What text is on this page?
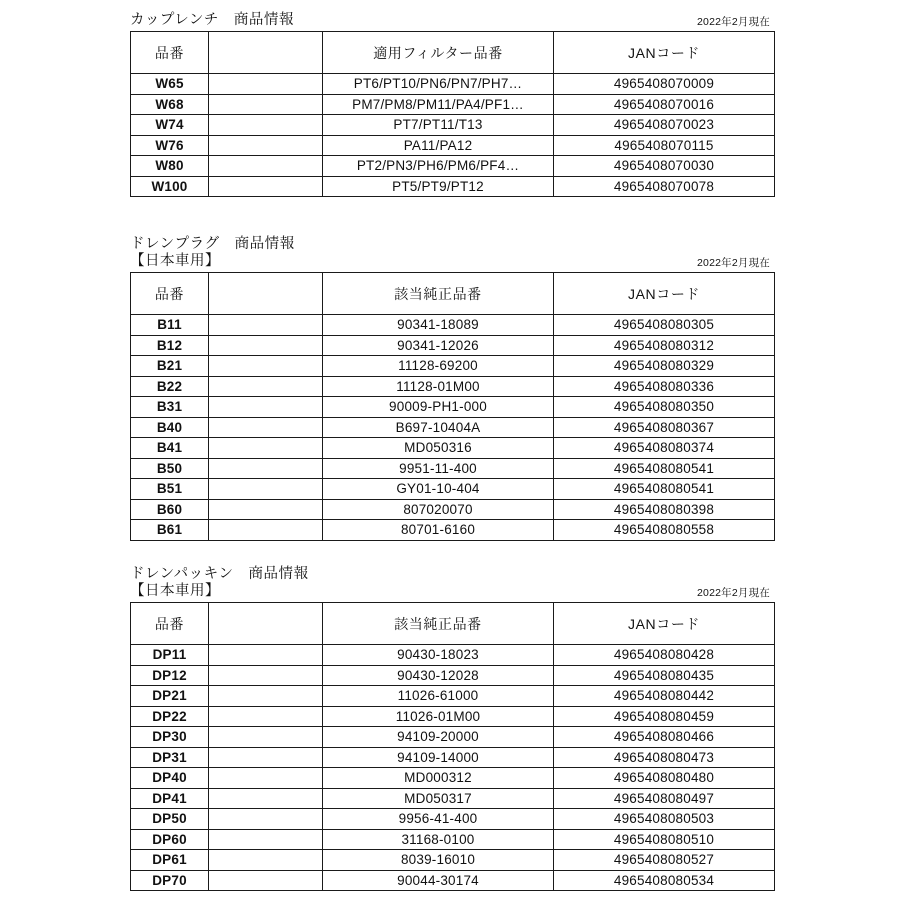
カップレンチ　商品情報	2022年2月現在
品番		適用フィルター品番	JANコード
W65		PT6/PT10/PN6/PN7/PH7…	4965408070009
W68		PM7/PM8/PM11/PA4/PF1…	4965408070016
W74		PT7/PT11/T13	4965408070023
W76		PA11/PA12	4965408070115
W80		PT2/PN3/PH6/PM6/PF4…	4965408070030
W100		PT5/PT9/PT12	4965408070078
ドレンプラグ　商品情報
【日本車用】	2022年2月現在
品番		該当純正品番	JANコード
B11		90341-18089	4965408080305
B12		90341-12026	4965408080312
B21		11128-69200	4965408080329
B22		11128-01M00	4965408080336
B31		90009-PH1-000	4965408080350
B40		B697-10404A	4965408080367
B41		MD050316	4965408080374
B50		9951-11-400	4965408080541
B51		GY01-10-404	4965408080541
B60		807020070	4965408080398
B61		80701-6160	4965408080558
ドレンパッキン　商品情報
【日本車用】	2022年2月現在
品番		該当純正品番	JANコード
DP11		90430-18023	4965408080428
DP12		90430-12028	4965408080435
DP21		11026-61000	4965408080442
DP22		11026-01M00	4965408080459
DP30		94109-20000	4965408080466
DP31		94109-14000	4965408080473
DP40		MD000312	4965408080480
DP41		MD050317	4965408080497
DP50		9956-41-400	4965408080503
DP60		31168-0100	4965408080510
DP61		8039-16010	4965408080527
DP70		90044-30174	4965408080534
